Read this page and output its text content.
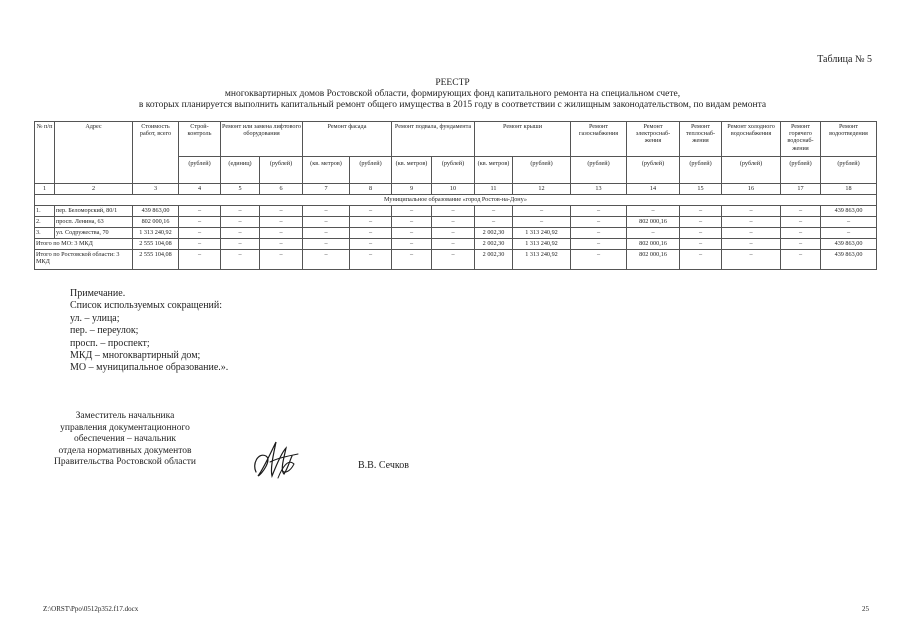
Таблица № 5
РЕЕСТР
многоквартирных домов Ростовской области, формирующих фонд капитального ремонта на специальном счете,
в которых планируется выполнить капитальный ремонт общего имущества в 2015 году в соответствии с жилищным законодательством, по видам ремонта
№ п/п	Адрес	Стоимость работ, всего	Строй-контроль	Ремонт или замена лифтового оборудования		Ремонт фасада		Ремонт подвала, фундамента		Ремонт крыши		Ремонт газоснабжения	Ремонт электроснаб-жения	Ремонт теплоснаб-жения	Ремонт холодного водоснабжения	Ремонт горячего водоснаб-жения	Ремонт водоотведения
			(рублей)	(единиц)	(рублей)	(кв. метров)	(рублей)	(кв. метров)	(рублей)	(кв. метров)	(рублей)	(рублей)	(рублей)	(рублей)	(рублей)	(рублей)	(рублей)
1	2	3	4	5	6	7	8	9	10	11	12	13	14	15	16	17	18
Муниципальное образование «город Ростов-на-Дону»																	
1.	пер. Беломорский, 80/1	439 863,00	–	–	–	–	–	–	–	–	–	–	–	–	–	–	439 863,00
2.	просп. Ленина, 63	802 000,16	–	–	–	–	–	–	–	–	–	–	802 000,16	–	–	–	–
3.	ул. Содружества, 70	1 313 240,92	–	–	–	–	–	–	–	2 002,30	1 313 240,92	–	–	–	–	–	–
Итого по МО: 3 МКД		2 555 104,08	–	–	–	–	–	–	–	2 002,30	1 313 240,92	–	802 000,16	–	–	–	439 863,00
Итого по Ростовской области: 3 МКД		2 555 104,08	–	–	–	–	–	–	–	2 002,30	1 313 240,92	–	802 000,16	–	–	–	439 863,00
Примечание.
Список используемых сокращений:
ул. – улица;
пер. – переулок;
просп. – проспект;
МКД – многоквартирный дом;
МО – муниципальное образование.».
Заместитель начальника
управления документационного
обеспечения – начальник
отдела нормативных документов
Правительства Ростовской области	В.В. Сечков
Z:\ORST\Ppo\0512p352.f17.docx	25
